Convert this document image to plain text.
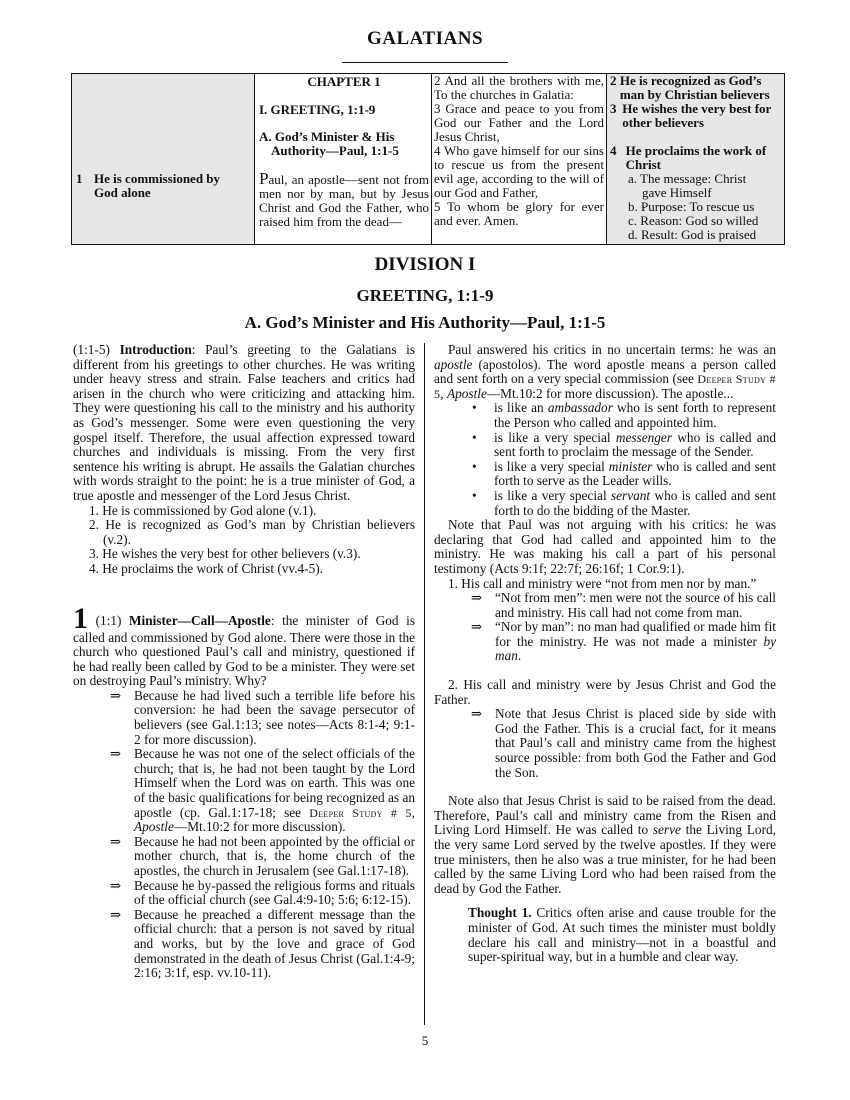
GALATIANS
1 He is commissioned by God alone
CHAPTER 1
I. GREETING, 1:1-9
A. God’s Minister & His Authority—Paul, 1:1-5
Paul, an apostle—sent not from men nor by man, but by Jesus Christ and God the Father, who raised him from the dead—
2 And all the brothers with me, To the churches in Galatia:
3 Grace and peace to you from God our Father and the Lord Jesus Christ,
4 Who gave himself for our sins to rescue us from the present evil age, according to the will of our God and Father,
5 To whom be glory for ever and ever. Amen.
2 He is recognized as God’s man by Christian believers
3 He wishes the very best for other believers
4 He proclaims the work of Christ
a. The message: Christ
gave Himself
b. Purpose: To rescue us
c. Reason: God so willed
d. Result: God is praised
DIVISION I
GREETING, 1:1-9
A. God’s Minister and His Authority—Paul, 1:1-5

(1:1-5) Introduction: Paul’s greeting to the Galatians is different from his greetings to other churches. He was writing under heavy stress and strain. False teachers and critics had arisen in the church who were criticizing and attacking him. They were questioning his call to the ministry and his authority as God’s messenger. Some were even questioning the very gospel itself. Therefore, the usual affection expressed toward churches and individuals is missing. From the very first sentence his writing is abrupt. He assails the Galatian churches with words straight to the point: he is a true minister of God, a true apostle and messenger of the Lord Jesus Christ.

1. He is commissioned by God alone (v.1).
2. He is recognized as God’s man by Christian believers (v.2).
3. He wishes the very best for other believers (v.3).
4. He proclaims the work of Christ (vv.4-5).

1 (1:1) Minister—Call—Apostle: the minister of God is called and commissioned by God alone. There were those in the church who questioned Paul’s call and ministry, questioned if he had really been called by God to be a minister. They were set on destroying Paul’s ministry. Why?

⇒ Because he had lived such a terrible life before his conversion: he had been the savage persecutor of believers (see Gal.1:13; see notes—Acts 8:1-4; 9:1-2 for more discussion).
⇒ Because he was not one of the select officials of the church; that is, he had not been taught by the Lord Himself when the Lord was on earth. This was one of the basic qualifications for being recognized as an apostle (cp. Gal.1:17-18; see Deeper Study # 5, Apostle—Mt.10:2 for more discussion).
⇒ Because he had not been appointed by the official or mother church, that is, the home church of the apostles, the church in Jerusalem (see Gal.1:17-18).
⇒ Because he by-passed the religious forms and rituals of the official church (see Gal.4:9-10; 5:6; 6:12-15).
⇒ Because he preached a different message than the official church: that a person is not saved by ritual and works, but by the love and grace of God demonstrated in the death of Jesus Christ (Gal.1:4-9; 2:16; 3:1f, esp. vv.10-11).

Paul answered his critics in no uncertain terms: he was an apostle (apostolos). The word apostle means a person called and sent forth on a very special commission (see Deeper Study # 5, Apostle—Mt.10:2 for more discussion). The apostle...

• is like an ambassador who is sent forth to represent the Person who called and appointed him.
• is like a very special messenger who is called and sent forth to proclaim the message of the Sender.
• is like a very special minister who is called and sent forth to serve as the Leader wills.
• is like a very special servant who is called and sent forth to do the bidding of the Master.

Note that Paul was not arguing with his critics: he was declaring that God had called and appointed him to the ministry. He was making his call a part of his personal testimony (Acts 9:1f; 22:7f; 26:16f; 1 Cor.9:1).

1. His call and ministry were “not from men nor by man.”

⇒ “Not from men”: men were not the source of his call and ministry. His call had not come from man.
⇒ “Nor by man”: no man had qualified or made him fit for the ministry. He was not made a minister by man.

2. His call and ministry were by Jesus Christ and God the Father.

⇒ Note that Jesus Christ is placed side by side with God the Father. This is a crucial fact, for it means that Paul’s call and ministry came from the highest source possible: from both God the Father and God the Son.

Note also that Jesus Christ is said to be raised from the dead. Therefore, Paul’s call and ministry came from the Risen and Living Lord Himself. He was called to serve the Living Lord, the very same Lord served by the twelve apostles. If they were true ministers, then he also was a true minister, for he had been called by the same Living Lord who had been raised from the dead by God the Father.

Thought 1. Critics often arise and cause trouble for the minister of God. At such times the minister must boldly declare his call and ministry—not in a boastful and super-spiritual way, but in a humble and clear way.

5
